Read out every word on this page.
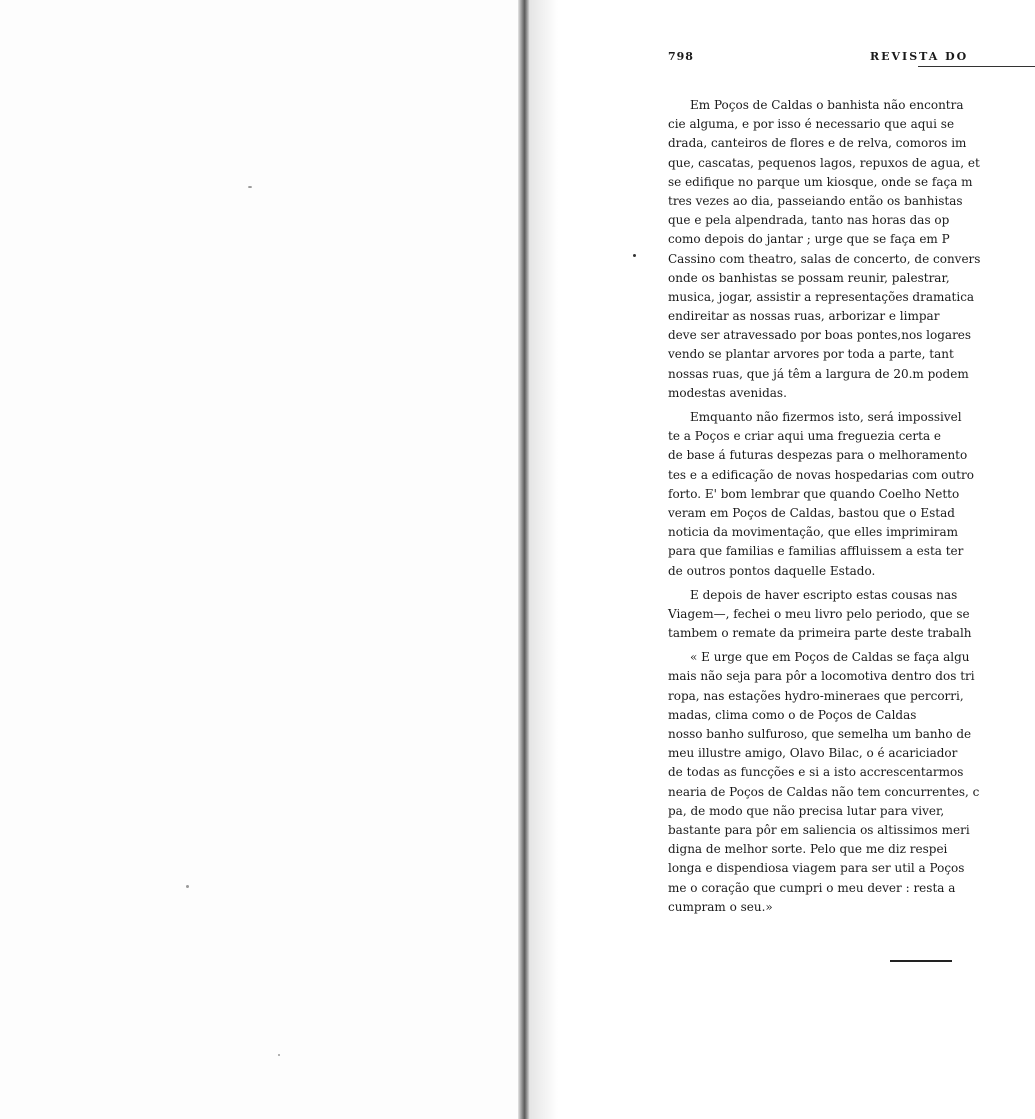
798	REVISTA DO
Em Poços de Caldas o banhista não encontra
cie alguma, e por isso é necessario que aqui se
drada, canteiros de flores e de relva, comoros im
que, cascatas, pequenos lagos, repuxos de agua, et
se edifique no parque um kiosque, onde se faça m
tres vezes ao dia, passeiando então os banhistas
que e pela alpendrada, tanto nas horas das op
como depois do jantar ; urge que se faça em P
Cassino com theatro, salas de concerto, de convers
onde os banhistas se possam reunir, palestrar,
musica, jogar, assistir a representações dramatica
endireitar as nossas ruas, arborizar e limpar
deve ser atravessado por boas pontes,nos logares
vendo se plantar arvores por toda a parte, tant
nossas ruas, que já têm a largura de 20.m podem
modestas avenidas.
Emquanto não fizermos isto, será impossivel
te a Poços e criar aqui uma freguezia certa e
de base á futuras despezas para o melhoramento
tes e a edificação de novas hospedarias com outro
forto. E' bom lembrar que quando Coelho Netto
veram em Poços de Caldas, bastou que o Estad
noticia da movimentação, que elles imprimiram
para que familias e familias affluissem a esta ter
de outros pontos daquelle Estado.
E depois de haver escripto estas cousas nas
Viagem—, fechei o meu livro pelo periodo, que se
tambem o remate da primeira parte deste trabalh
« E urge que em Poços de Caldas se faça algu
mais não seja para pôr a locomotiva dentro dos tri
ropa, nas estações hydro-mineraes que percorri,
madas, clima como o de Poços de Caldas
nosso banho sulfuroso, que semelha um banho de
meu illustre amigo, Olavo Bilac, o é acariciador
de todas as funcções e si a isto accrescentarmos
nearia de Poços de Caldas não tem concurrentes, c
pa, de modo que não precisa lutar para viver,
bastante para pôr em saliencia os altissimos meri
digna de melhor sorte. Pelo que me diz respei
longa e dispendiosa viagem para ser util a Poços
me o coração que cumpri o meu dever : resta a
cumpram o seu.»
